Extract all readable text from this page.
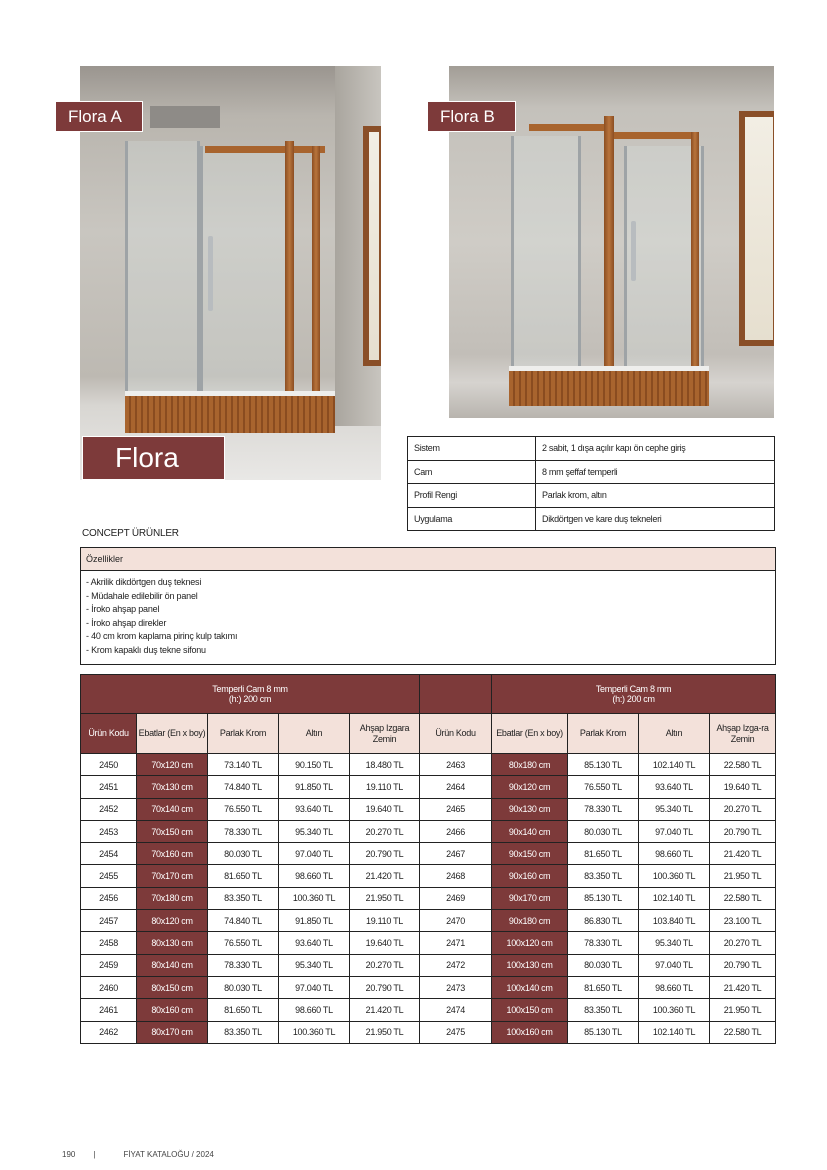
Flora A	Flora B
Flora	Sistem	2 sabit, 1 dışa açılır kapı ön cephe giriş
Cam	8 mm şeffaf temperli
Profil Rengi	Parlak krom, altın
Uygulama	Dikdörtgen ve kare duş tekneleri
CONCEPT ÜRÜNLER
Özellikler
- Akrilik dikdörtgen duş teknesi
- Müdahale edilebilir ön panel
- İroko ahşap panel
- İroko ahşap direkler
- 40 cm krom kaplama pirinç kulp takımı
- Krom kapaklı duş tekne sifonu
Temperli Cam 8 mm
(h:) 200 cm						Temperli Cam 8 mm
(h:) 200 cm			
Ürün Kodu	Ebatlar (En x boy)	Parlak Krom	Altın	Ahşap Izgara Zemin	Ürün Kodu	Ebatlar (En x boy)	Parlak Krom	Altın	Ahşap Izga-ra Zemin
2450	70x120 cm	73.140 TL	90.150 TL	18.480 TL	2463	80x180 cm	85.130 TL	102.140 TL	22.580 TL
2451	70x130 cm	74.840 TL	91.850 TL	19.110 TL	2464	90x120 cm	76.550 TL	93.640 TL	19.640 TL
2452	70x140 cm	76.550 TL	93.640 TL	19.640 TL	2465	90x130 cm	78.330 TL	95.340 TL	20.270 TL
2453	70x150 cm	78.330 TL	95.340 TL	20.270 TL	2466	90x140 cm	80.030 TL	97.040 TL	20.790 TL
2454	70x160 cm	80.030 TL	97.040 TL	20.790 TL	2467	90x150 cm	81.650 TL	98.660 TL	21.420 TL
2455	70x170 cm	81.650 TL	98.660 TL	21.420 TL	2468	90x160 cm	83.350 TL	100.360 TL	21.950 TL
2456	70x180 cm	83.350 TL	100.360 TL	21.950 TL	2469	90x170 cm	85.130 TL	102.140 TL	22.580 TL
2457	80x120 cm	74.840 TL	91.850 TL	19.110 TL	2470	90x180 cm	86.830 TL	103.840 TL	23.100 TL
2458	80x130 cm	76.550 TL	93.640 TL	19.640 TL	2471	100x120 cm	78.330 TL	95.340 TL	20.270 TL
2459	80x140 cm	78.330 TL	95.340 TL	20.270 TL	2472	100x130 cm	80.030 TL	97.040 TL	20.790 TL
2460	80x150 cm	80.030 TL	97.040 TL	20.790 TL	2473	100x140 cm	81.650 TL	98.660 TL	21.420 TL
2461	80x160 cm	81.650 TL	98.660 TL	21.420 TL	2474	100x150 cm	83.350 TL	100.360 TL	21.950 TL
2462	80x170 cm	83.350 TL	100.360 TL	21.950 TL	2475	100x160 cm	85.130 TL	102.140 TL	22.580 TL
190 |	FİYAT KATALOĞU / 2024
